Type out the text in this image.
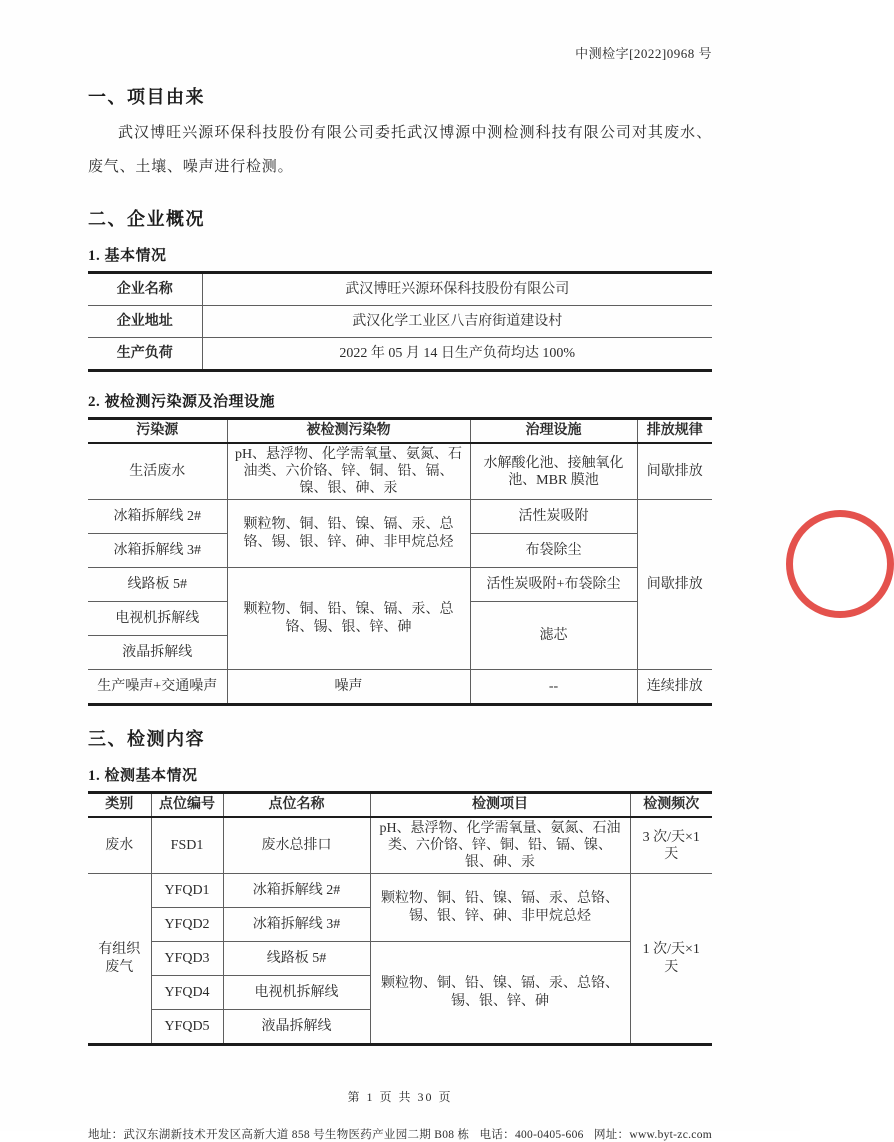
中测检字[2022]0968 号
一、项目由来

武汉博旺兴源环保科技股份有限公司委托武汉博源中测检测科技有限公司对其废水、废气、土壤、噪声进行检测。

二、企业概况
1. 基本情况
企业名称	武汉博旺兴源环保科技股份有限公司
企业地址	武汉化学工业区八吉府街道建设村
生产负荷	2022 年 05 月 14 日生产负荷均达 100%
2. 被检测污染源及治理设施
污染源	被检测污染物	治理设施	排放规律
生活废水	pH、悬浮物、化学需氧量、氨氮、石油类、六价铬、锌、铜、铅、镉、镍、银、砷、汞	水解酸化池、接触氧化池、MBR 膜池	间歇排放
冰箱拆解线 2#	颗粒物、铜、铅、镍、镉、汞、总铬、锡、银、锌、砷、非甲烷总烃	活性炭吸附	间歇排放
冰箱拆解线 3#		布袋除尘	
线路板 5#	颗粒物、铜、铅、镍、镉、汞、总铬、锡、银、锌、砷	活性炭吸附+布袋除尘	
电视机拆解线		滤芯	
液晶拆解线			
生产噪声+交通噪声	噪声	--	连续排放
三、检测内容
1. 检测基本情况
类别	点位编号	点位名称	检测项目	检测频次
废水	FSD1	废水总排口	pH、悬浮物、化学需氧量、氨氮、石油类、六价铬、锌、铜、铅、镉、镍、银、砷、汞	3 次/天×1 天
有组织废气	YFQD1	冰箱拆解线 2#	颗粒物、铜、铅、镍、镉、汞、总铬、锡、银、锌、砷、非甲烷总烃	1 次/天×1 天
	YFQD2	冰箱拆解线 3#		
	YFQD3	线路板 5#	颗粒物、铜、铅、镍、镉、汞、总铬、锡、银、锌、砷	
	YFQD4	电视机拆解线		
	YFQD5	液晶拆解线		
第 1 页 共 30 页
地址：武汉东湖新技术开发区高新大道 858 号生物医药产业园二期 B08 栋 电话：400-0405-606 网址：www.byt-zc.com
